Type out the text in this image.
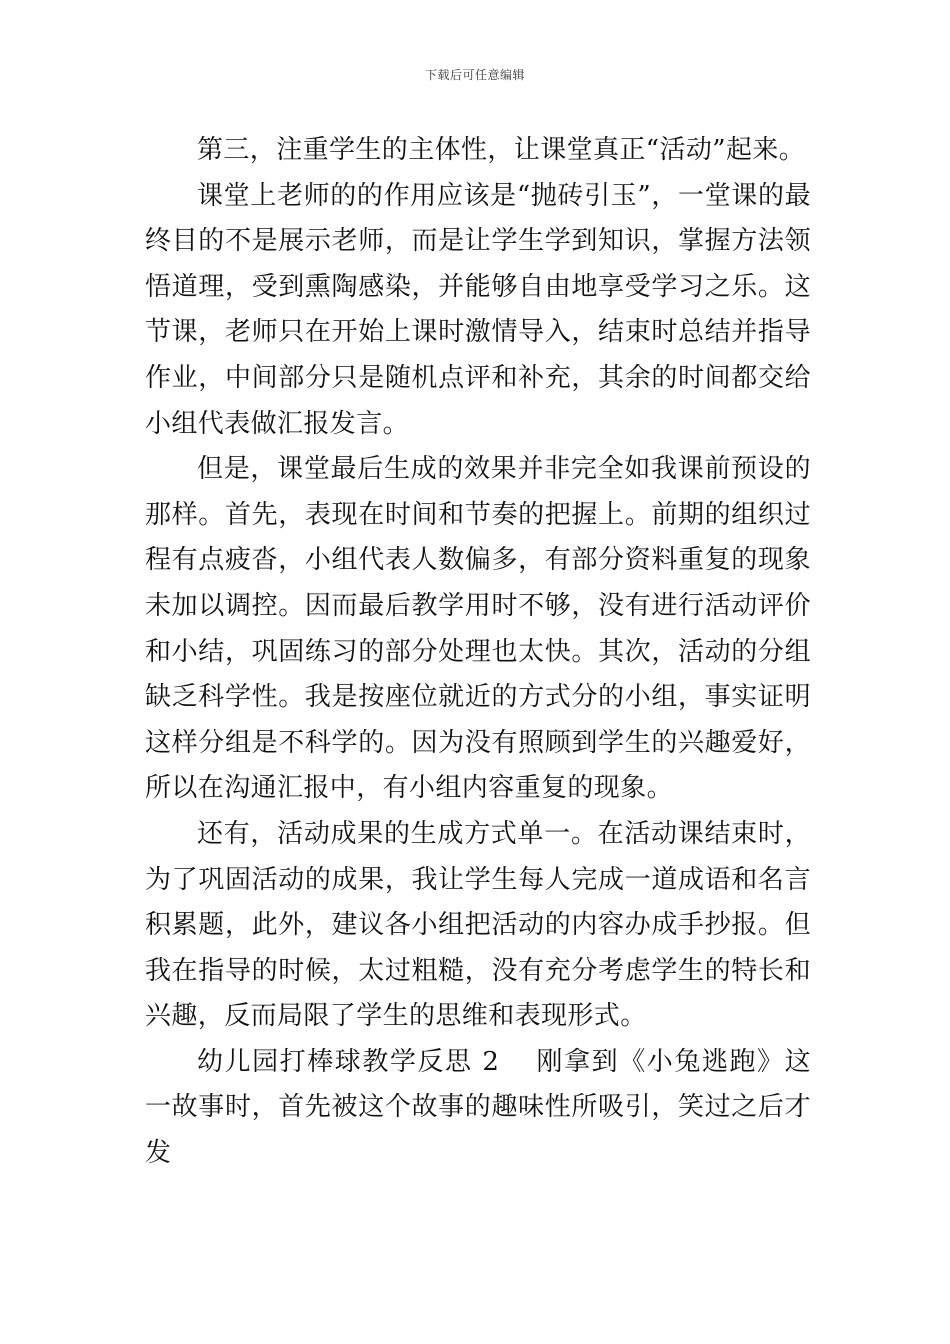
下载后可任意编辑

第三，注重学生的主体性，让课堂真正“活动”起来。

课堂上老师的的作用应该是“抛砖引玉”，一堂课的最终目的不是展示老师，而是让学生学到知识，掌握方法领悟道理，受到熏陶感染，并能够自由地享受学习之乐。这节课，老师只在开始上课时激情导入，结束时总结并指导作业，中间部分只是随机点评和补充，其余的时间都交给小组代表做汇报发言。

但是，课堂最后生成的效果并非完全如我课前预设的那样。首先，表现在时间和节奏的把握上。前期的组织过程有点疲沓，小组代表人数偏多，有部分资料重复的现象未加以调控。因而最后教学用时不够，没有进行活动评价和小结，巩固练习的部分处理也太快。其次，活动的分组缺乏科学性。我是按座位就近的方式分的小组，事实证明这样分组是不科学的。因为没有照顾到学生的兴趣爱好，所以在沟通汇报中，有小组内容重复的现象。

还有，活动成果的生成方式单一。在活动课结束时，为了巩固活动的成果，我让学生每人完成一道成语和名言积累题，此外，建议各小组把活动的内容办成手抄报。但我在指导的时候，太过粗糙，没有充分考虑学生的特长和兴趣，反而局限了学生的思维和表现形式。

幼儿园打棒球教学反思 2 刚拿到《小兔逃跑》这一故事时，首先被这个故事的趣味性所吸引，笑过之后才发
